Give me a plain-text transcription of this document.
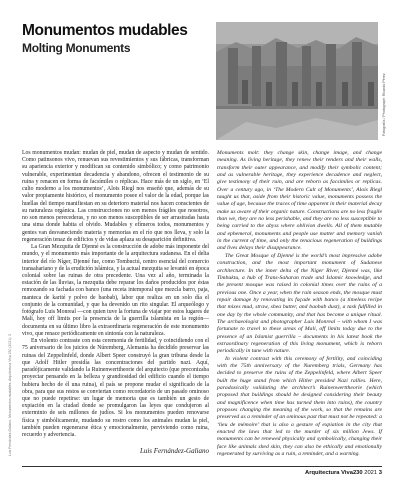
Monumentos mudables
Molting Monuments
Fotografía / Photograph: Ricardo Pérez
Luis Fernández-Galiano. Monumentos mudables. Arquitectura Viva 230 (2021): 3

Los monumentos mudan: mudan de piel, mudan de aspecto y mudan de sentido. Como patinsonos vivo, renuevan sus revestimientos y sus fábricas, transforman su apariencia exterior y modifican su contenido simbólico; y como patrimonio vulnerable, experimentan decadencia y abandono, ofrecen el testimonio de su ruina y renacen en forma de facsímiles o réplicas. Hace más de un siglo, en ‘El culto moderno a los monumentos’, Alois Riegl nos enseñó que, además de su valor propiamente histórico, el monumento posee el valor de la edad, porque las huellas del tiempo manifiestan en su deterioro material nos hacen conscientes de su naturaleza orgánica. Las construcciones no son menos frágiles que nosotros, no son menos perecederas, y no son menos susceptibles de ser arrastradas hasta una sima donde habita el olvido. Mudables y efímeros todos, monumentos y gentes van desvaneciendo materia y memorias en el río que nos lleva, y solo la regeneración tenaz de edificios y de vidas aplaza su desaparición definitiva.

La Gran Mezquita de Djenné es la construcción de adobe más imponente del mundo, y el monumento más importante de la arquitectura sudanesa. En el delta interior del río Níger, Djenné fue, como Tombuctú, centro esencial del comercio transahariano y de la erudición islámica, y la actual mezquita se levantó en época colonial sobre las ruinas de otra precedente. Una vez al año, terminada la estación de las lluvias, la mezquita debe reparar los daños producidos por éstas remozando su fachada con banco (una receta intemporal que mezcla barro, paja, manteca de karité y polvo de baobab), labor que realiza en un solo día el conjunto de la comunidad, y que ha devenido un rito singular. El arqueólogo y fotógrafo Luis Monreal —con quien tuve la fortuna de viajar por estos lugares de Malí, hoy off limits por la presencia de la guerrilla islamista en la región— documenta en su último libro la extraordinaria regeneración de este monumento vivo, que renace periódicamente en sintonía con la naturaleza.

En violento contraste con esta ceremonia de fertilidad, y coincidiendo con el 75 aniversario de los juicios de Núremberg, Alemania ha decidido preservar las ruinas del Zeppelinfeld, donde Albert Speer construyó la gran tribuna desde la que Adolf Hitler presidía las concentraciones del partido nazi. Aquí, paradójicamente validando la Ruinenwerttheorie del arquitecto (que preconizaba proyectar pensando en la belleza y grandiosidad del edificio cuando el tiempo hubiera hecho de él una ruina), el país se propone mudar el significado de la obra, para que sus restos se conviertan como recordatorio de un pasado ominoso que no puede repetirse: un lugar de memoria que es también un gesto de expiación en la ciudad donde se promulgaron las leyes que condujeron al exterminio de seis millones de judíos. Si los monumentos pueden renovarse física y simbólicamente, mudando su rostro como los animales mudan la piel, también pueden regenerarse ética y emocionalmente, perviviendo como ruina, recuerdo y advertencia.

Monuments molt: they change skin, change image, and change meaning. As living heritage, they renew their renders and their walls, transform their outer appearance, and modify their symbolic content; and as vulnerable heritage, they experience decadence and neglect, give testimony of their ruin, and are reborn as facsimiles or replicas. Over a century ago, in ‘The Modern Cult of Monuments’, Alois Riegl taught us that, aside from their historic value, monuments possess the value of age, because the traces of time apparent in their material decay make us aware of their organic nature. Constructions are no less fragile than we, they are no less perishable, and they are no less susceptible to being carried to the abyss where oblivion dwells. All of them mutable and ephemeral, monuments and people use matter and memory vanish in the current of time, and only the tenacious regeneration of buildings and lives delays their disappearance.

The Great Mosque of Djenné is the world’s most impressive adobe construction, and the most important monument of Sudanese architecture. In the inner delta of the Niger River, Djenné was, like Timbuktu, a hub of Trans-Saharan trade and Islamic knowledge, and the present mosque was raised in colonial times over the ruins of a previous one. Once a year, when the rain season ends, the mosque must repair damage by renovating its façade with banco (a timeless recipe that mixes mud, straw, shea butter, and baobab dust), a task fulfilled in one day by the whole community, and that has become a unique ritual. The archaeologist and photographer Luis Monreal – with whom I was fortunate to travel to these areas of Mali, off limits today due to the presence of an Islamist guerrilla – documents in his latest book the extraordinary regeneration of this living monument, which is reborn periodically in tune with nature.

In violent contrast with this ceremony of fertility, and coinciding with the 75th anniversary of the Nuremberg trials, Germany has decided to preserve the ruins of the Zeppelinfeld, where Albert Speer built the huge stand from which Hitler presided Nazi rallies. Here, paradoxically validating the architect’s Ruinenwerttheorie (which proposed that buildings should be designed considering their beauty and magnificence when time has turned them into ruins), the country proposes changing the meaning of the work, so that the remains are preserved as a reminder of an ominous past that must not be repeated: a ‘lieu de mémoire’ that is also a gesture of expiation in the city that enacted the laws that led to the murder of six million Jews. If monuments can be renewed physically and symbolically, changing their face like animals shed skin, they can also be ethically and emotionally regenerated by surviving as a ruin, a reminder, and a warning.

Luis Fernández-Galiano
Arquitectura Viva230 2021 3
